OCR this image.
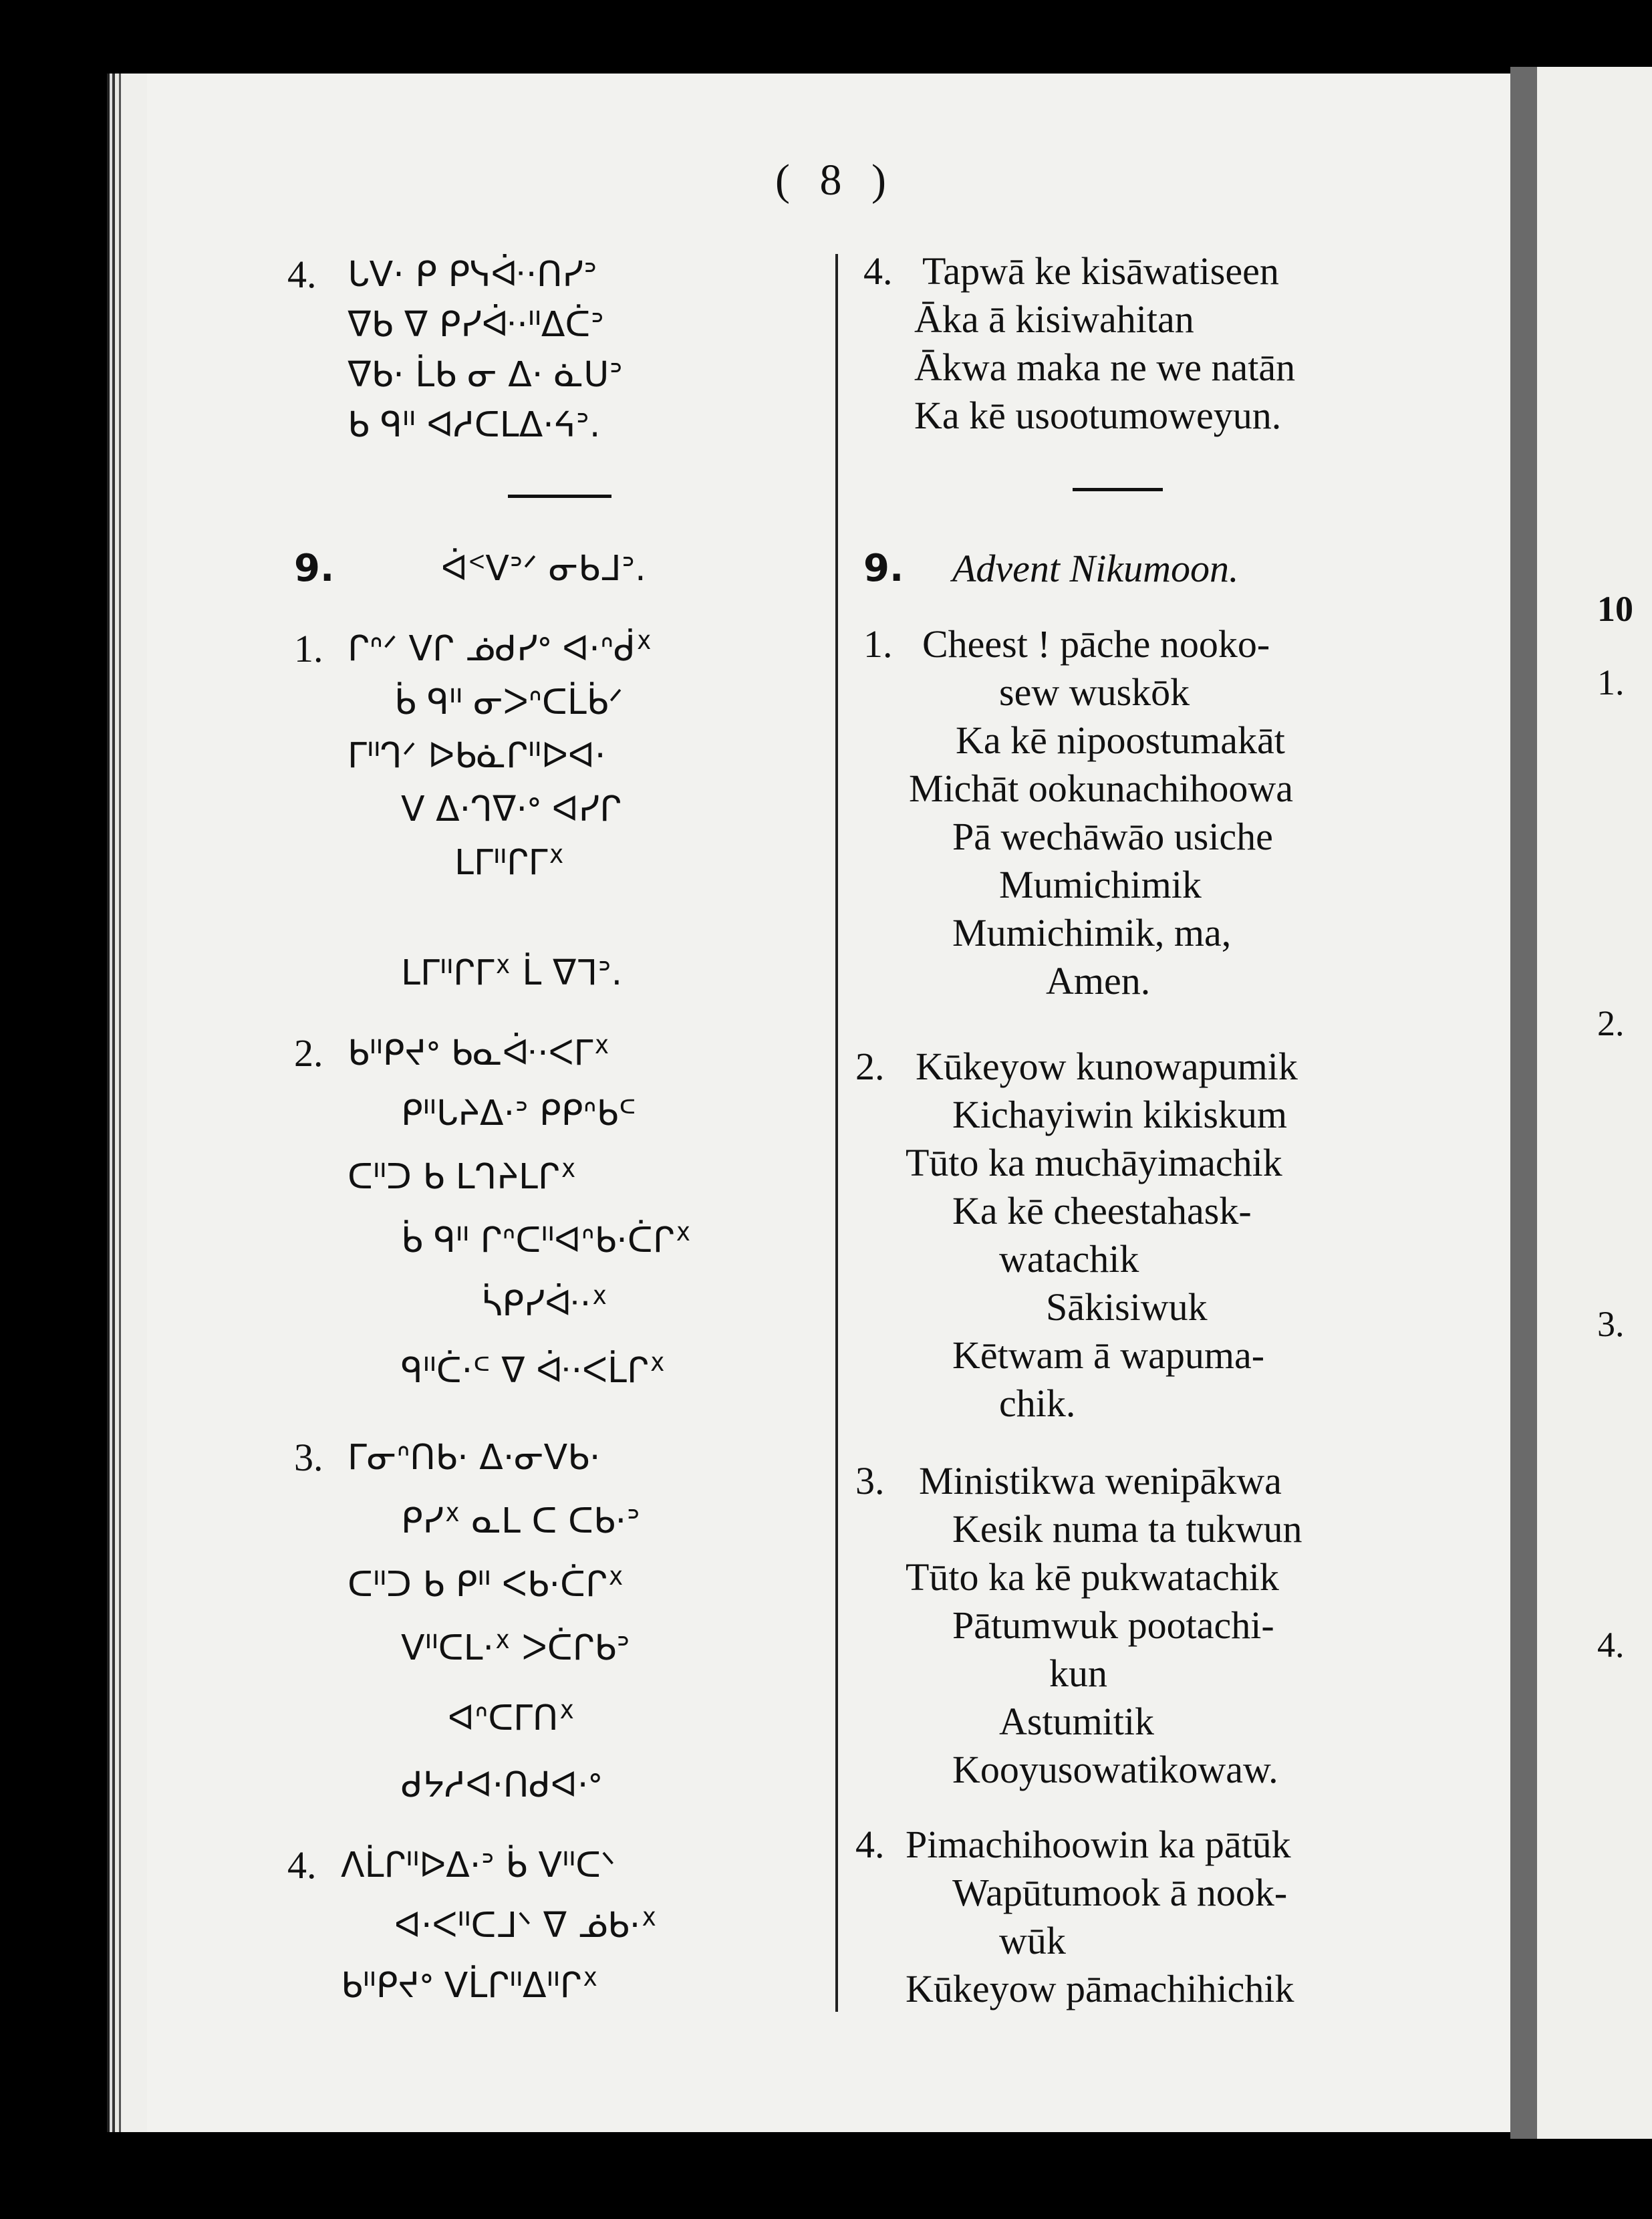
( 8 )
4. ᒐᐯ· ᑭ ᑭᓭᐚ·ᑎᓯᐣ
ᐁᑲ ᐁ ᑭᓯᐚ·ᐦᐃᑖᐣ
ᐁᑲ· ᒫᑲ ᓂ ᐃ· ᓈᑌᐣ
ᑲ ᑫᐦ ᐊᓱᑕᒪᐃ·ᔦᐣ.
9.	ᐋᑉᐯᐣᐟ ᓂᑲᒧᐣ.
1. ᒋᐢᐟ ᐯᒋ ᓅᑯᓯᐤ ᐊ·ᐢᑰᕽ
ᑳ ᑫᐦ ᓂᐳᐢᑕᒫᑳᐟ
ᒥᐦᒉᐟ ᐅᑲᓈᒋᐦᐅᐊ·
ᐯ ᐃ·ᒉᐁ·ᐤ ᐊᓯᒋ
ᒪᒥᐦᒋᒥᕽ
ᒪᒥᐦᒋᒥᕽ ᒫ ᐁᒣᐣ.
2. ᑲᐦᑭᔪᐤ ᑲᓇᐚ·ᐸᒥᕽ
ᑭᐦᒐᔨᐃ·ᐣ ᑭᑭᐢᑲᒼ
ᑕᐦᑐ ᑲ ᒪᒉᔨᒪᒋᕽ
ᑳ ᑫᐦ ᒋᐢᑕᐦᐊᐢᑲ·ᑖᒋᕽ
ᓵᑭᓯᐚ·ᕽ
ᑫᐦᑖ·ᒼ ᐁ ᐚ·ᐸᒫᒋᕽ
3. ᒥᓂᐢᑎᑲ· ᐃ·ᓂᐯᑲ·
ᑭᓯᕽ ᓇᒪ ᑕ ᑕᑲ·ᐣ
ᑕᐦᑐ ᑲ ᑭᐦ ᐸᑲ·ᑖᒋᕽ
ᐯᐦᑕᒪ·ᕽ ᐳᑖᒋᑲᐣ
ᐊᐢᑕᒥᑎᕽ
ᑯᔭᓱᐊ·ᑎᑯᐊ·ᐤ
4. ᐱᒫᒋᐦᐅᐃ·ᐣ ᑳ ᐯᐦᑕᐠ
ᐊ·ᐸᐦᑕᒧᐠ ᐁ ᓅᑲ·ᕽ
ᑲᐦᑭᔪᐤ ᐯᒫᒋᐦᐃᐦᒋᕽ
4. Tapwā ke kisāwatiseen
Āka ā kisiwahitan
Ākwa maka ne we natān
Ka kē usootumoweyun.
9. Advent Nikumoon.
1. Cheest ! pāche nooko-
sew wuskōk
Ka kē nipoostumakāt
Michāt ookunachihoowa
Pā wechāwāo usiche
Mumichimik
Mumichimik, ma,
Amen.
2. Kūkeyow kunowapumik
Kichayiwin kikiskum
Tūto ka muchāyimachik
Ka kē cheestahask-
watachik
Sākisiwuk
Kētwam ā wapuma-
chik.
3. Ministikwa wenipākwa
Kesik numa ta tukwun
Tūto ka kē pukwatachik
Pātumwuk pootachi-
kun
Astumitik
Kooyusowatikowaw.
4. Pimachihoowin ka pātūk
Wapūtumook ā nook-
wūk
Kūkeyow pāmachihichik
10
1.
2.
3.
4.
